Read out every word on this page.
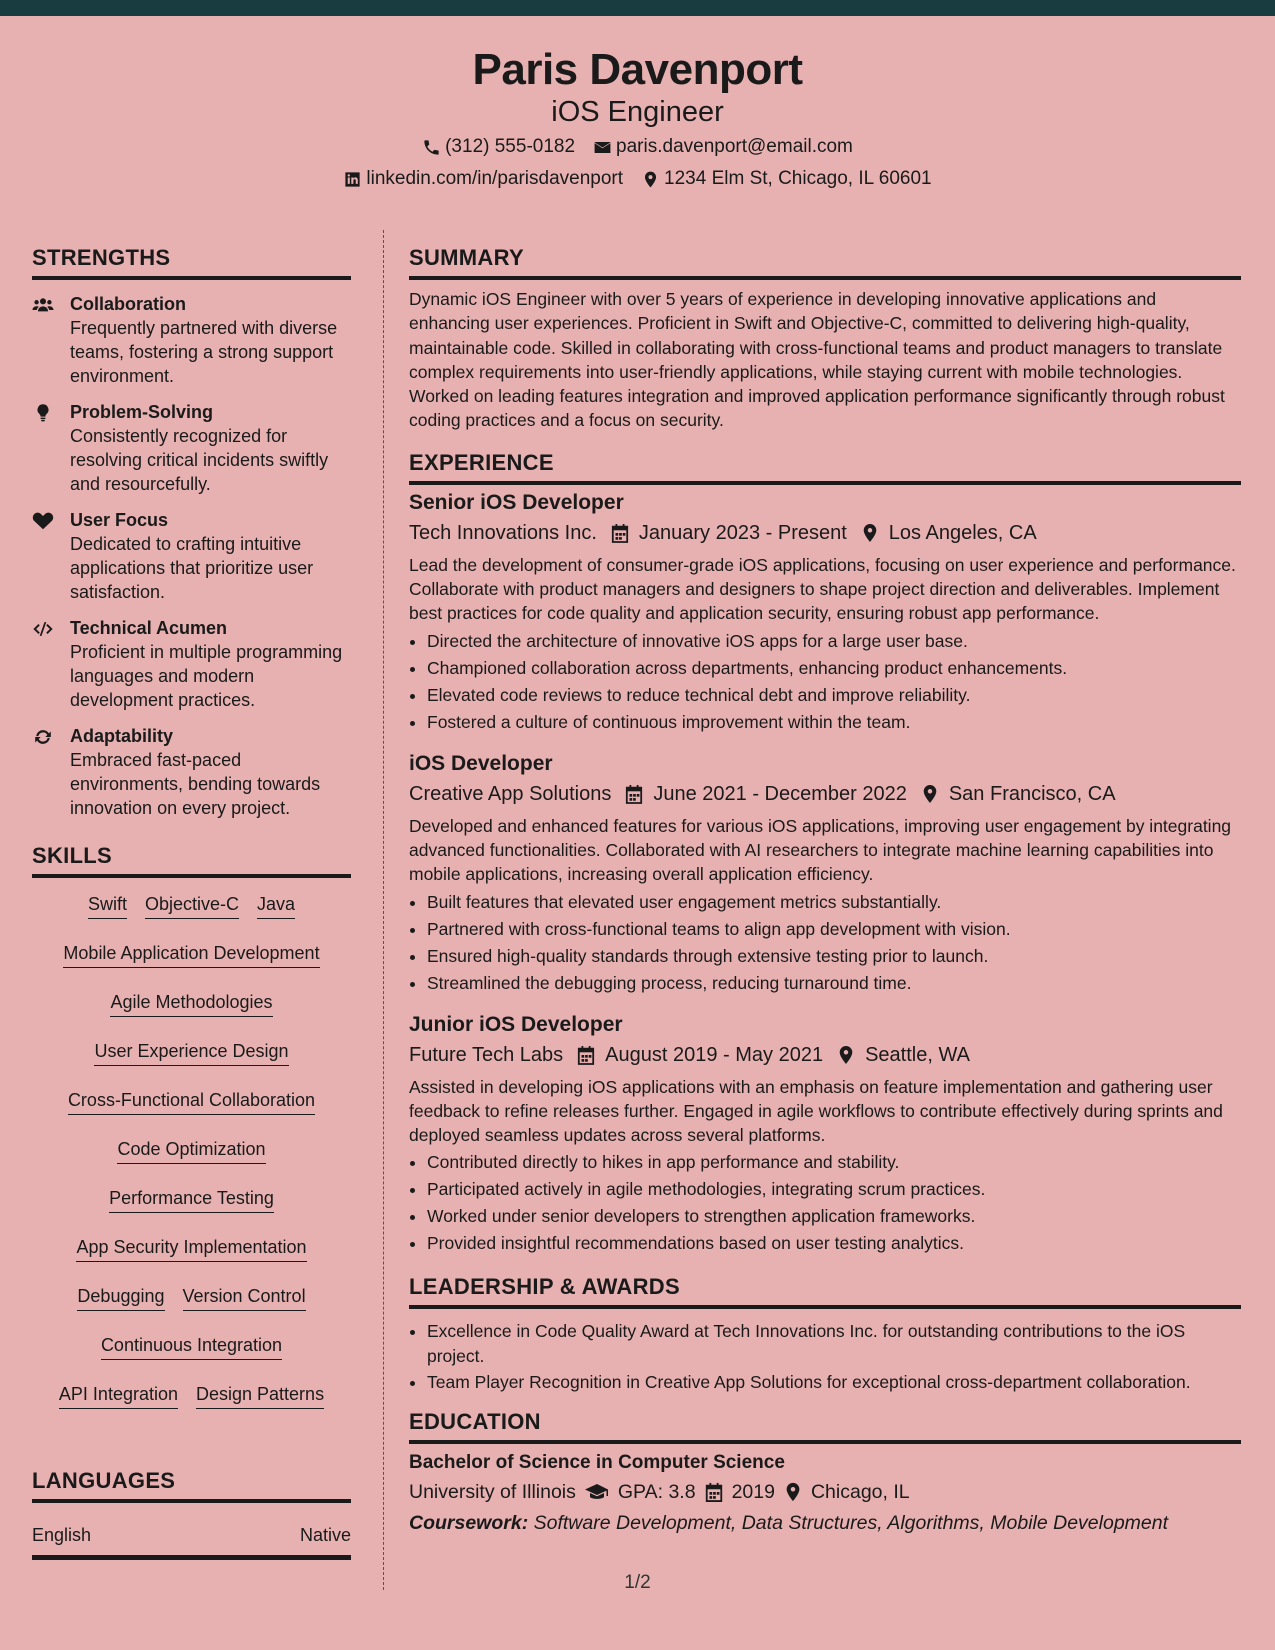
Paris Davenport
iOS Engineer
(312) 555-0182 paris.davenport@email.com
linkedin.com/in/parisdavenport 1234 Elm St, Chicago, IL 60601
STRENGTHS
Collaboration
Frequently partnered with diverse teams, fostering a strong support environment.
Problem-Solving
Consistently recognized for resolving critical incidents swiftly and resourcefully.
User Focus
Dedicated to crafting intuitive applications that prioritize user satisfaction.
Technical Acumen
Proficient in multiple programming languages and modern development practices.
Adaptability
Embraced fast-paced environments, bending towards innovation on every project.
SKILLS
Swift Objective-C Java
Mobile Application Development
Agile Methodologies
User Experience Design
Cross-Functional Collaboration
Code Optimization
Performance Testing
App Security Implementation
Debugging Version Control
Continuous Integration
API Integration Design Patterns
LANGUAGES
English	Native
SUMMARY
Dynamic iOS Engineer with over 5 years of experience in developing innovative applications and enhancing user experiences. Proficient in Swift and Objective-C, committed to delivering high-quality, maintainable code. Skilled in collaborating with cross-functional teams and product managers to translate complex requirements into user-friendly applications, while staying current with mobile technologies. Worked on leading features integration and improved application performance significantly through robust coding practices and a focus on security.
EXPERIENCE
Senior iOS Developer
Tech Innovations Inc. January 2023 - Present Los Angeles, CA
Lead the development of consumer-grade iOS applications, focusing on user experience and performance. Collaborate with product managers and designers to shape project direction and deliverables. Implement best practices for code quality and application security, ensuring robust app performance.
• Directed the architecture of innovative iOS apps for a large user base.
• Championed collaboration across departments, enhancing product enhancements.
• Elevated code reviews to reduce technical debt and improve reliability.
• Fostered a culture of continuous improvement within the team.
iOS Developer
Creative App Solutions June 2021 - December 2022 San Francisco, CA
Developed and enhanced features for various iOS applications, improving user engagement by integrating advanced functionalities. Collaborated with AI researchers to integrate machine learning capabilities into mobile applications, increasing overall application efficiency.
• Built features that elevated user engagement metrics substantially.
• Partnered with cross-functional teams to align app development with vision.
• Ensured high-quality standards through extensive testing prior to launch.
• Streamlined the debugging process, reducing turnaround time.
Junior iOS Developer
Future Tech Labs August 2019 - May 2021 Seattle, WA
Assisted in developing iOS applications with an emphasis on feature implementation and gathering user feedback to refine releases further. Engaged in agile workflows to contribute effectively during sprints and deployed seamless updates across several platforms.
• Contributed directly to hikes in app performance and stability.
• Participated actively in agile methodologies, integrating scrum practices.
• Worked under senior developers to strengthen application frameworks.
• Provided insightful recommendations based on user testing analytics.
LEADERSHIP & AWARDS
• Excellence in Code Quality Award at Tech Innovations Inc. for outstanding contributions to the iOS project.
• Team Player Recognition in Creative App Solutions for exceptional cross-department collaboration.
EDUCATION
Bachelor of Science in Computer Science
University of Illinois GPA: 3.8 2019 Chicago, IL
Coursework: Software Development, Data Structures, Algorithms, Mobile Development
1/2
